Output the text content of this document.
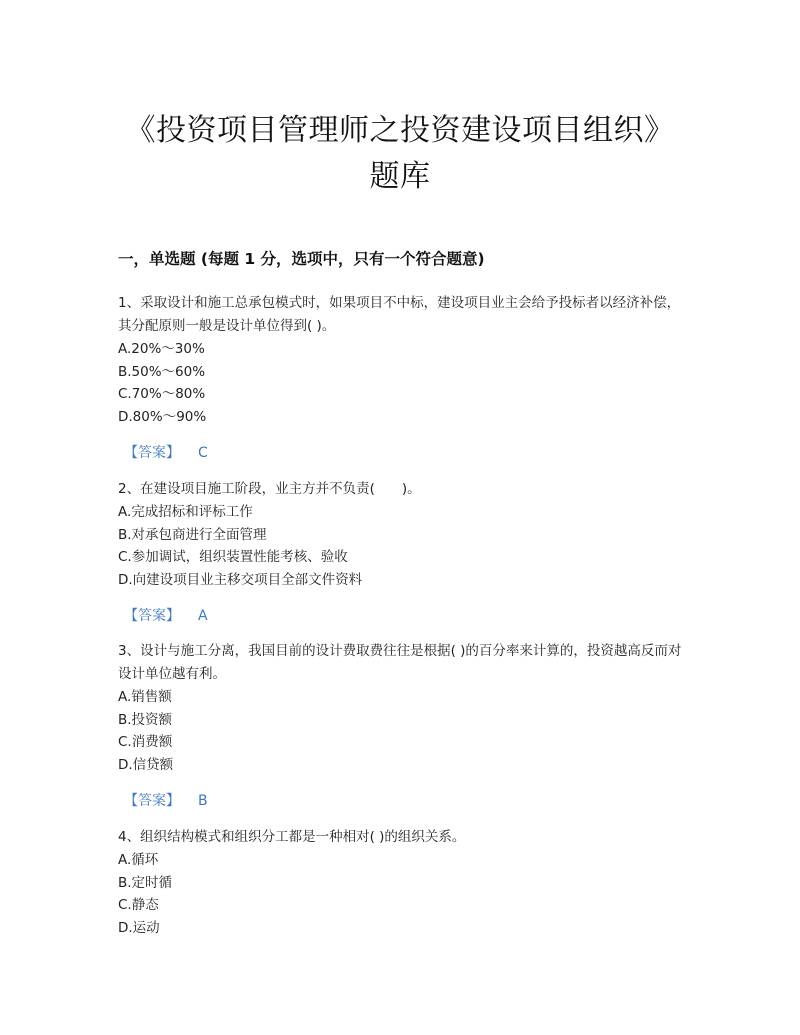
《投资项目管理师之投资建设项目组织》题库
一，单选题 (每题 1 分，选项中，只有一个符合题意)

1、采取设计和施工总承包模式时，如果项目不中标，建设项目业主会给予投标者以经济补偿，其分配原则一般是设计单位得到( )。

A.20%～30%

B.50%～60%

C.70%～80%

D.80%～90%

【答案】 C

2、在建设项目施工阶段，业主方并不负责(　　)。

A.完成招标和评标工作

B.对承包商进行全面管理

C.参加调试，组织装置性能考核、验收

D.向建设项目业主移交项目全部文件资料

【答案】 A

3、设计与施工分离，我国目前的设计费取费往往是根据( )的百分率来计算的，投资越高反而对设计单位越有利。

A.销售额

B.投资额

C.消费额

D.信贷额

【答案】 B

4、组织结构模式和组织分工都是一种相对( )的组织关系。

A.循环

B.定时循

C.静态

D.运动
